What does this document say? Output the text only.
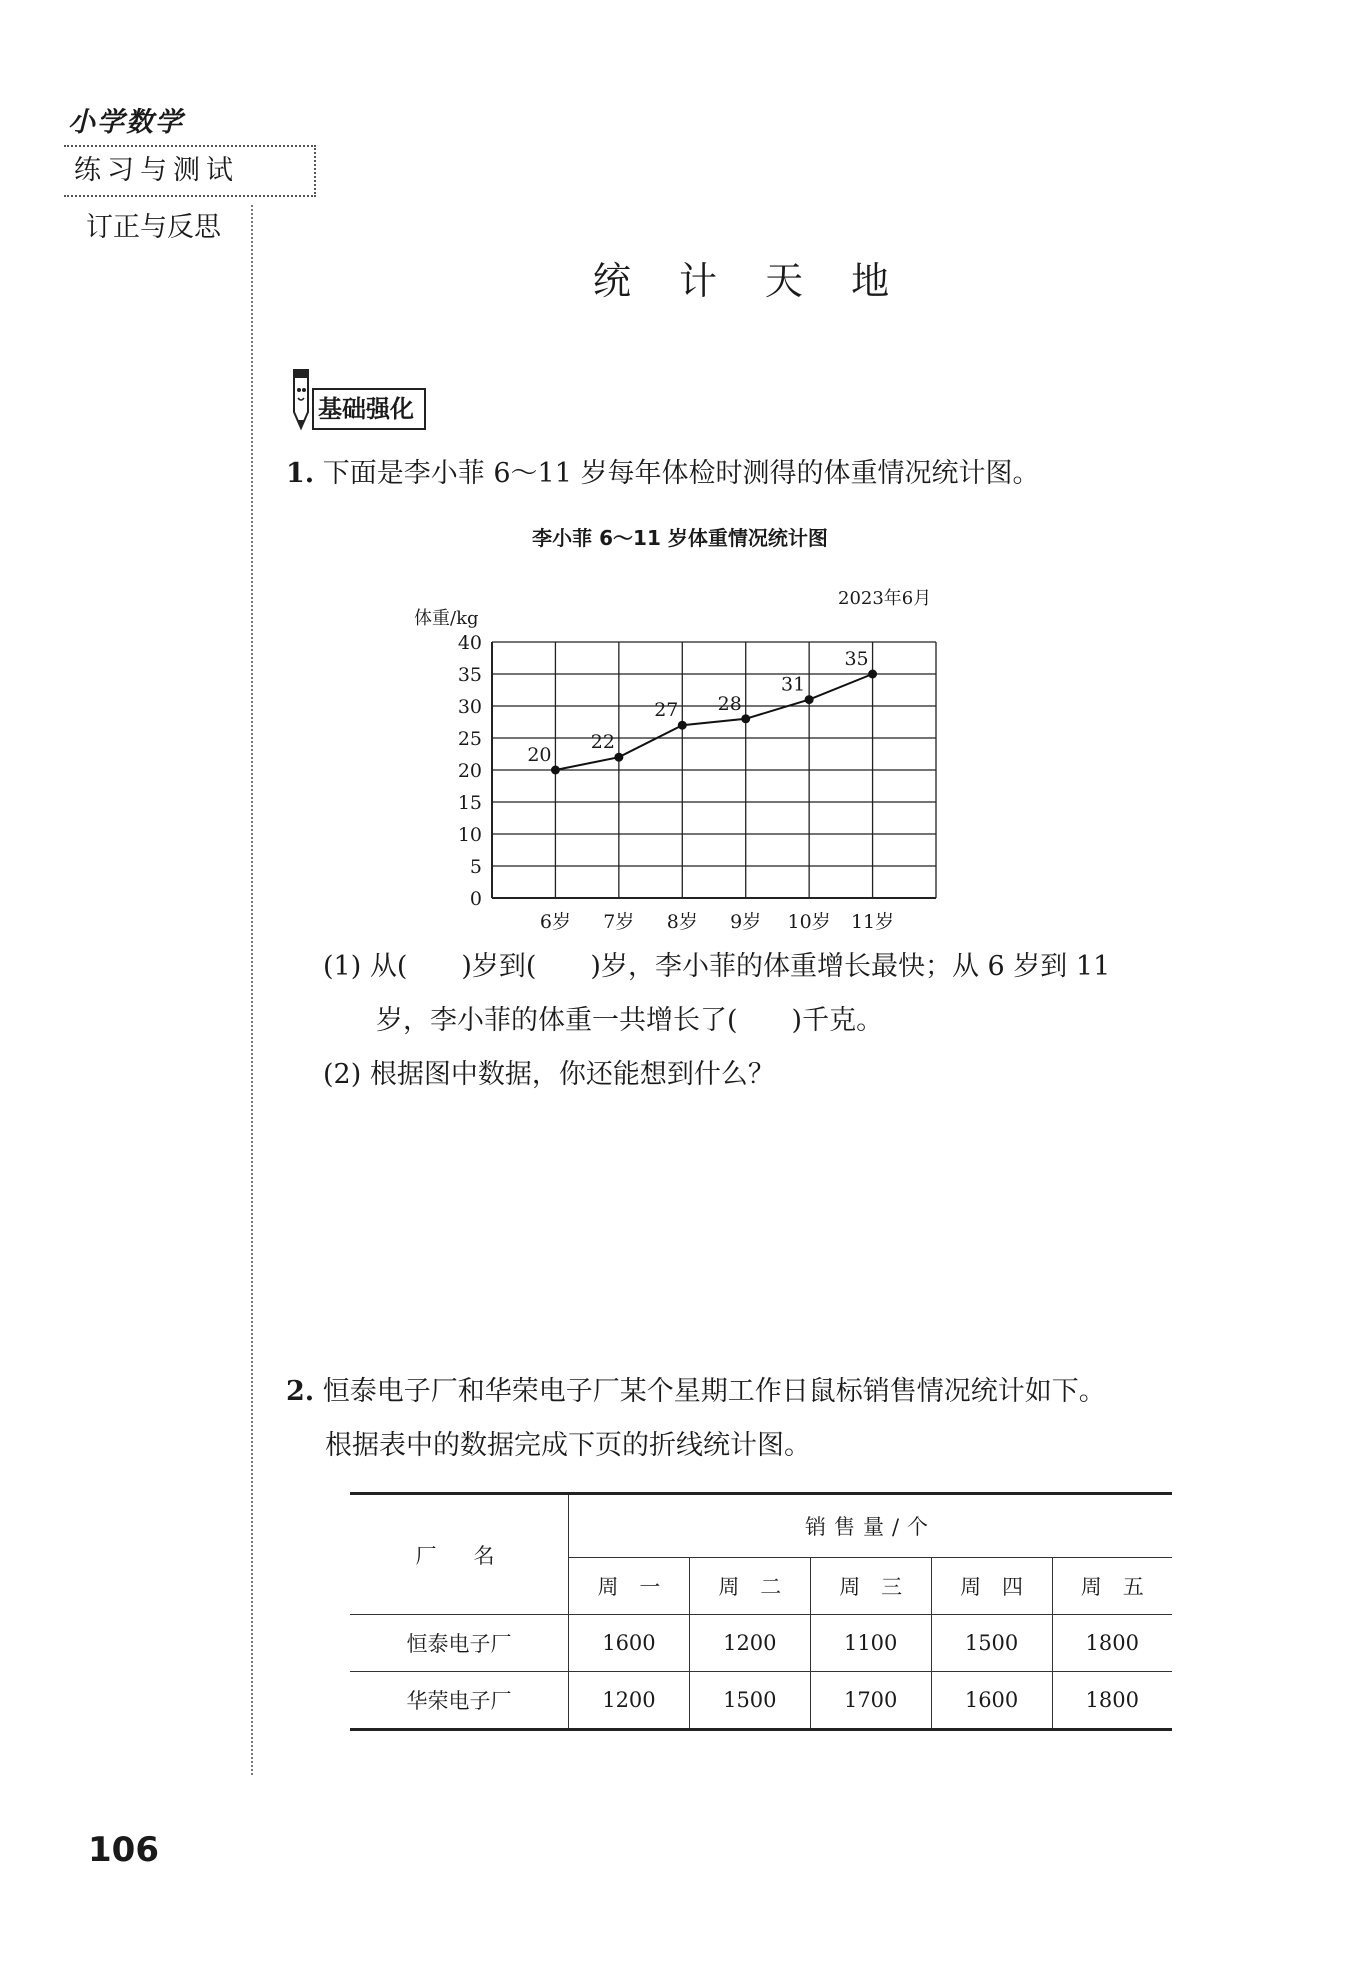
小学数学
练习与测试
订正与反思
统 计 天 地
基础强化
1. 下面是李小菲 6～11 岁每年体检时测得的体重情况统计图。
李小菲 6～11 岁体重情况统计图
2023年6月
体重/kg
0
5
10
15
20
25
30
35
40
6岁 7岁 8岁 9岁 10岁 11岁
20
22
27 28
31
35
(1) 从(　　)岁到(　　)岁，李小菲的体重增长最快；从 6 岁到 11
岁，李小菲的体重一共增长了(　　)千克。
(2) 根据图中数据，你还能想到什么？
2. 恒泰电子厂和华荣电子厂某个星期工作日鼠标销售情况统计如下。
根据表中的数据完成下页的折线统计图。
厂　名	销售量/个				
	周　一	周　二	周　三	周　四	周　五
恒泰电子厂	1600	1200	1100	1500	1800
华荣电子厂	1200	1500	1700	1600	1800
106
